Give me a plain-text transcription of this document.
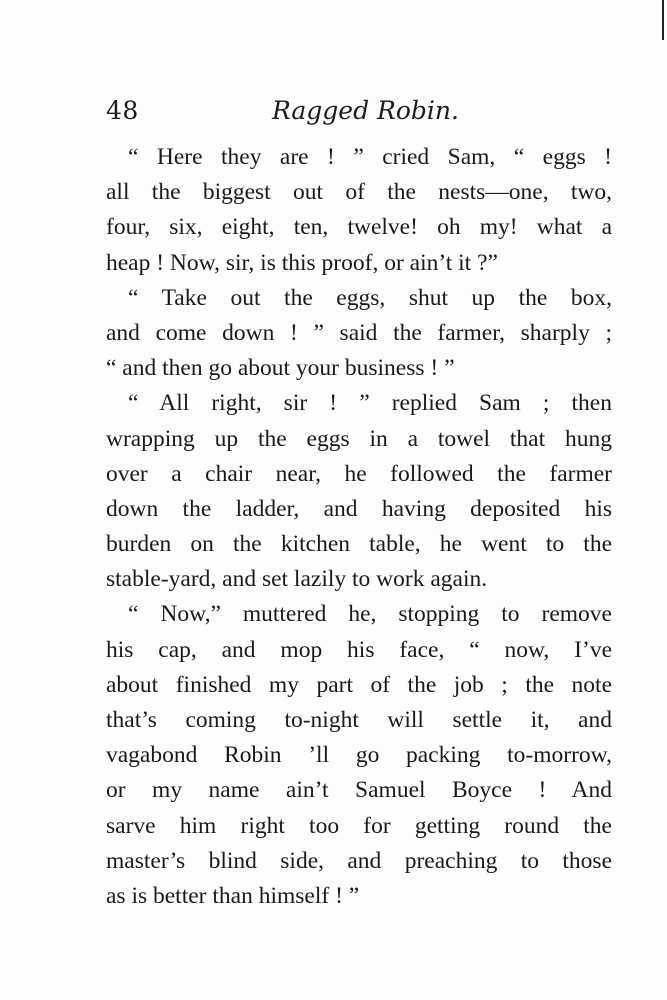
48	Ragged Robin.
“ Here they are ! ” cried Sam, “ eggs !
all the biggest out of the nests—one, two,
four, six, eight, ten, twelve! oh my! what a
heap ! Now, sir, is this proof, or ain’t it ?”
“ Take out the eggs, shut up the box,
and come down ! ” said the farmer, sharply ;
“ and then go about your business ! ”
“ All right, sir ! ” replied Sam ; then
wrapping up the eggs in a towel that hung
over a chair near, he followed the farmer
down the ladder, and having deposited his
burden on the kitchen table, he went to the
stable-yard, and set lazily to work again.
“ Now,” muttered he, stopping to remove
his cap, and mop his face, “ now, I’ve
about finished my part of the job ; the note
that’s coming to-night will settle it, and
vagabond Robin ’ll go packing to-morrow,
or my name ain’t Samuel Boyce ! And
sarve him right too for getting round the
master’s blind side, and preaching to those
as is better than himself ! ”
